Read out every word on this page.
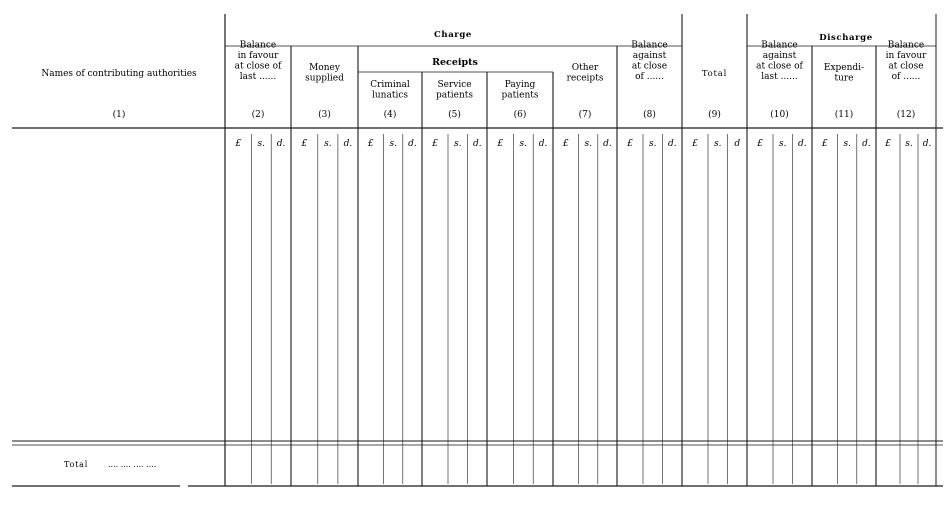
Charge
Receipts
Discharge
Names of contributing authorities
(1)
Total .... .... .... ....
Balance
in favour
at close of
last ......
(2)
£ s. d.
Money
supplied
(3)
£ s. d.
Criminal
lunatics
(4)
£ s. d.
Service
patients
(5)
£ s. d.
Paying
patients
(6)
£ s. d.
Other
receipts
(7)
£ s. d.
Balance
against
at close
of ......
(8)
£ s. d.
Total
(9)
£ s. d
Balance
against
at close of
last ......
(10)
£ s. d.
Expendi-
ture
(11)
£ s. d.
Balance
in favour
at close
of ......
(12)
£ s. d.
